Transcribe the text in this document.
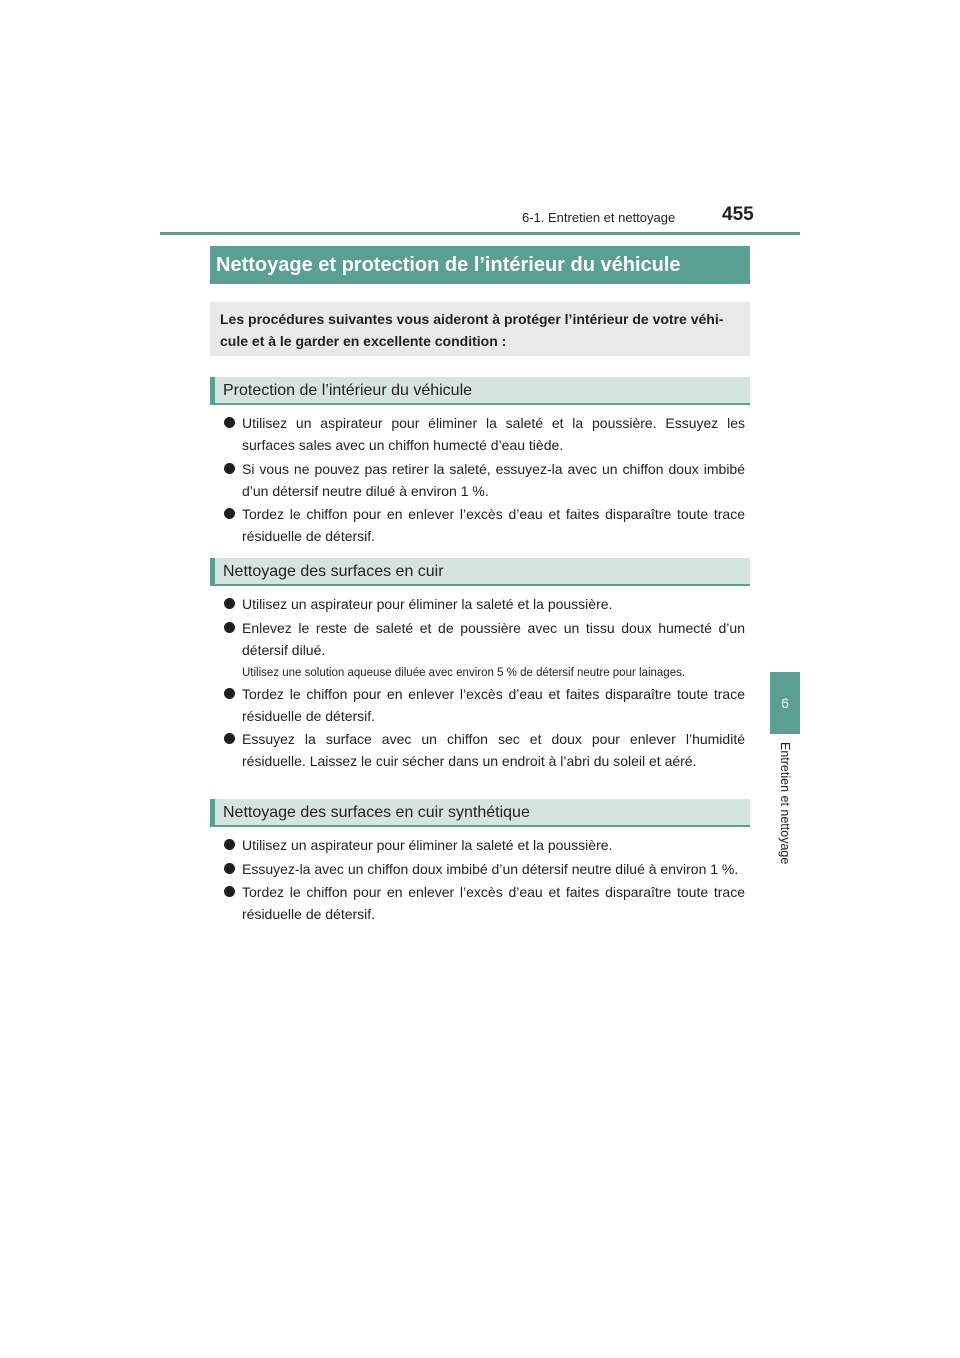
6-1. Entretien et nettoyage 455
6
Entretien et nettoyage
Nettoyage et protection de l’intérieur du véhicule
Les procédures suivantes vous aideront à protéger l’intérieur de votre véhi-
cule et à le garder en excellente condition :
Protection de l’intérieur du véhicule
Utilisez un aspirateur pour éliminer la saleté et la poussière. Essuyez les surfaces sales avec un chiffon humecté d’eau tiède.
Si vous ne pouvez pas retirer la saleté, essuyez-la avec un chiffon doux imbibé d’un détersif neutre dilué à environ 1 %.
Tordez le chiffon pour en enlever l’excès d’eau et faites disparaître toute trace résiduelle de détersif.
Nettoyage des surfaces en cuir
Utilisez un aspirateur pour éliminer la saleté et la poussière.
Enlevez le reste de saleté et de poussière avec un tissu doux humecté d’un détersif dilué.
Utilisez une solution aqueuse diluée avec environ 5 % de détersif neutre pour lainages.
Tordez le chiffon pour en enlever l’excès d’eau et faites disparaître toute trace résiduelle de détersif.
Essuyez la surface avec un chiffon sec et doux pour enlever l’humidité résiduelle. Laissez le cuir sécher dans un endroit à l’abri du soleil et aéré.
Nettoyage des surfaces en cuir synthétique
Utilisez un aspirateur pour éliminer la saleté et la poussière.
Essuyez-la avec un chiffon doux imbibé d’un détersif neutre dilué à environ 1 %.
Tordez le chiffon pour en enlever l’excès d’eau et faites disparaître toute trace résiduelle de détersif.
